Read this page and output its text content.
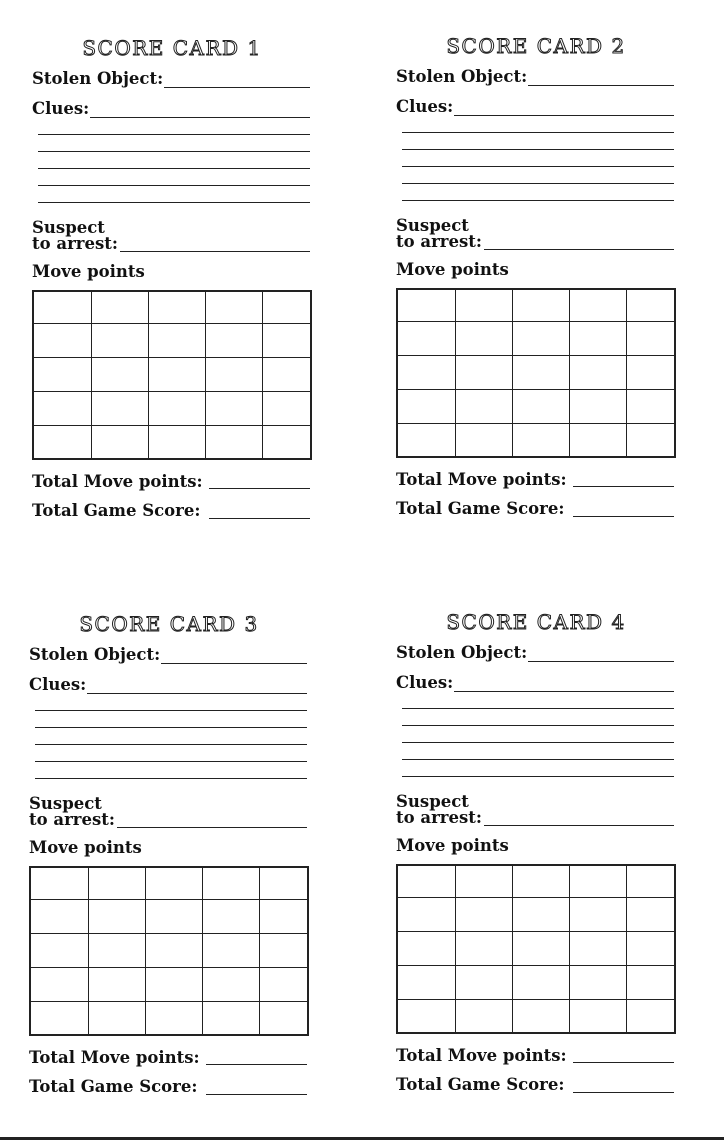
SCORE CARD 1
Stolen Object:
Clues:
Suspect
to arrest:
Move points
Total Move points:
Total Game Score:
SCORE CARD 2
Stolen Object:
Clues:
Suspect
to arrest:
Move points
Total Move points:
Total Game Score:
SCORE CARD 3
Stolen Object:
Clues:
Suspect
to arrest:
Move points
Total Move points:
Total Game Score:
SCORE CARD 4
Stolen Object:
Clues:
Suspect
to arrest:
Move points
Total Move points:
Total Game Score:
